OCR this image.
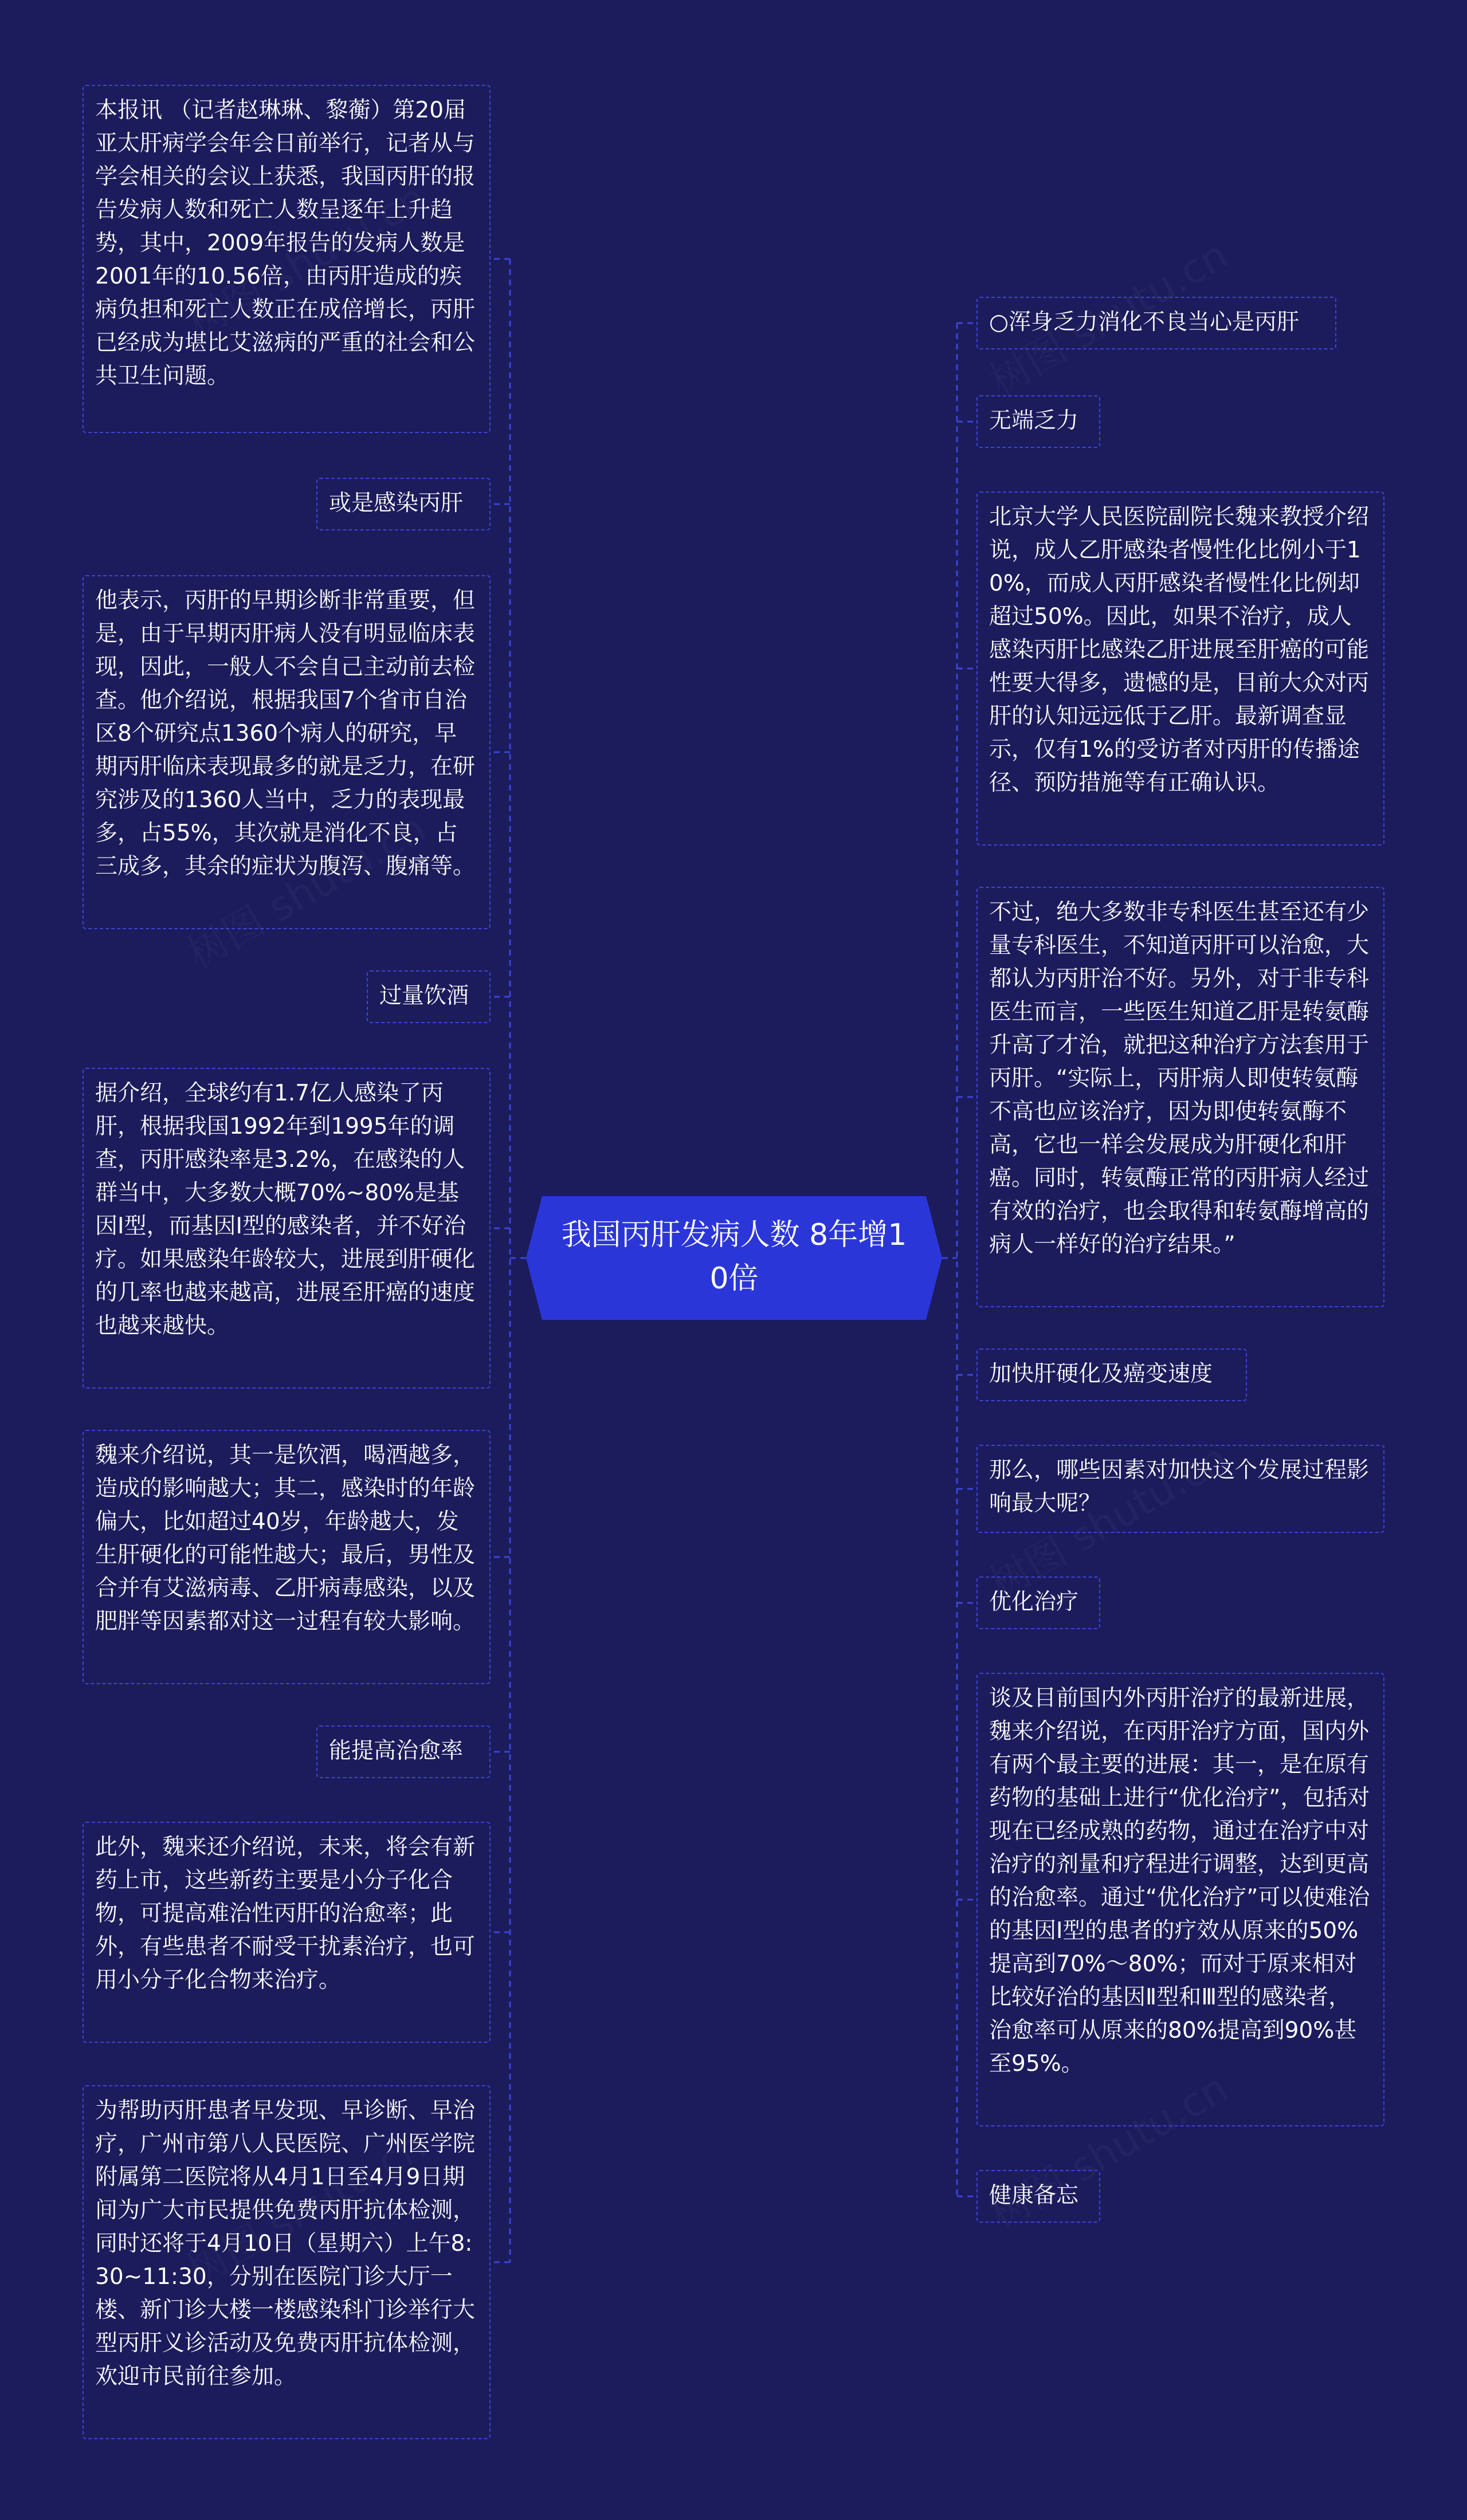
我国丙肝发病人数 8年增10倍
本报讯 （记者赵琳琳、黎蘅）第20届亚太肝病学会年会日前举行，记者从与学会相关的会议上获悉，我国丙肝的报告发病人数和死亡人数呈逐年上升趋势，其中，2009年报告的发病人数是2001年的10.56倍，由丙肝造成的疾病负担和死亡人数正在成倍增长，丙肝已经成为堪比艾滋病的严重的社会和公共卫生问题。
或是感染丙肝
他表示，丙肝的早期诊断非常重要，但是，由于早期丙肝病人没有明显临床表现，因此，一般人不会自己主动前去检查。他介绍说，根据我国7个省市自治区8个研究点1360个病人的研究，早期丙肝临床表现最多的就是乏力，在研究涉及的1360人当中，乏力的表现最多，占55%，其次就是消化不良，占三成多，其余的症状为腹泻、腹痛等。
过量饮酒
据介绍，全球约有1.7亿人感染了丙肝，根据我国1992年到1995年的调查，丙肝感染率是3.2%，在感染的人群当中，大多数大概70%~80%是基因Ⅰ型，而基因Ⅰ型的感染者，并不好治疗。如果感染年龄较大，进展到肝硬化的几率也越来越高，进展至肝癌的速度也越来越快。
魏来介绍说，其一是饮酒，喝酒越多，造成的影响越大；其二，感染时的年龄偏大，比如超过40岁，年龄越大，发生肝硬化的可能性越大；最后，男性及合并有艾滋病毒、乙肝病毒感染，以及肥胖等因素都对这一过程有较大影响。
能提高治愈率
此外，魏来还介绍说，未来，将会有新药上市，这些新药主要是小分子化合物，可提高难治性丙肝的治愈率；此外，有些患者不耐受干扰素治疗，也可用小分子化合物来治疗。
为帮助丙肝患者早发现、早诊断、早治疗，广州市第八人民医院、广州医学院附属第二医院将从4月1日至4月9日期间为广大市民提供免费丙肝抗体检测，同时还将于4月10日（星期六）上午8:30~11:30，分别在医院门诊大厅一楼、新门诊大楼一楼感染科门诊举行大型丙肝义诊活动及免费丙肝抗体检测，欢迎市民前往参加。
○浑身乏力消化不良当心是丙肝
无端乏力
北京大学人民医院副院长魏来教授介绍说，成人乙肝感染者慢性化比例小于10%，而成人丙肝感染者慢性化比例却超过50%。因此，如果不治疗，成人感染丙肝比感染乙肝进展至肝癌的可能性要大得多，遗憾的是，目前大众对丙肝的认知远远低于乙肝。最新调查显示，仅有1%的受访者对丙肝的传播途径、预防措施等有正确认识。
不过，绝大多数非专科医生甚至还有少量专科医生，不知道丙肝可以治愈，大都认为丙肝治不好。另外，对于非专科医生而言，一些医生知道乙肝是转氨酶升高了才治，就把这种治疗方法套用于丙肝。“实际上，丙肝病人即使转氨酶不高也应该治疗，因为即使转氨酶不高，它也一样会发展成为肝硬化和肝癌。同时，转氨酶正常的丙肝病人经过有效的治疗，也会取得和转氨酶增高的病人一样好的治疗结果。”
加快肝硬化及癌变速度
那么，哪些因素对加快这个发展过程影响最大呢？
优化治疗
谈及目前国内外丙肝治疗的最新进展，魏来介绍说，在丙肝治疗方面，国内外有两个最主要的进展：其一，是在原有药物的基础上进行“优化治疗”，包括对现在已经成熟的药物，通过在治疗中对治疗的剂量和疗程进行调整，达到更高的治愈率。通过“优化治疗”可以使难治的基因Ⅰ型的患者的疗效从原来的50%提高到70%～80%；而对于原来相对比较好治的基因Ⅱ型和Ⅲ型的感染者，治愈率可从原来的80%提高到90%甚至95%。
健康备忘
